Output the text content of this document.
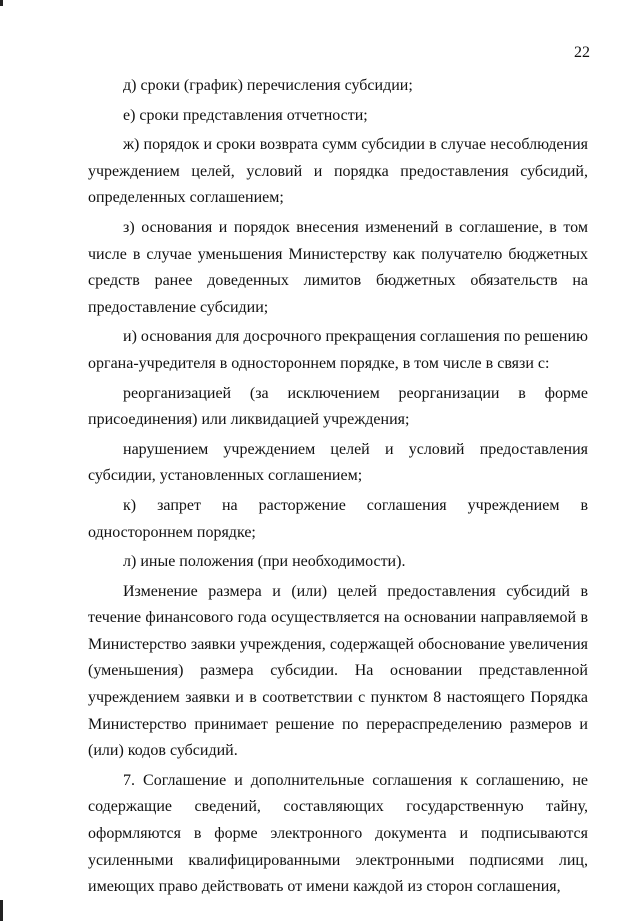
22

д) сроки (график) перечисления субсидии;

е) сроки представления отчетности;

ж) порядок и сроки возврата сумм субсидии в случае несоблюдения учреждением целей, условий и порядка предоставления субсидий, определенных соглашением;

з) основания и порядок внесения изменений в соглашение, в том числе в случае уменьшения Министерству как получателю бюджетных средств ранее доведенных лимитов бюджетных обязательств на предоставление субсидии;

и) основания для досрочного прекращения соглашения по решению органа-учредителя в одностороннем порядке, в том числе в связи с:

реорганизацией (за исключением реорганизации в форме присоединения) или ликвидацией учреждения;

нарушением учреждением целей и условий предоставления субсидии, установленных соглашением;

к) запрет на расторжение соглашения учреждением в одностороннем порядке;

л) иные положения (при необходимости).

Изменение размера и (или) целей предоставления субсидий в течение финансового года осуществляется на основании направляемой в Министерство заявки учреждения, содержащей обоснование увеличения (уменьшения) размера субсидии. На основании представленной учреждением заявки и в соответствии с пунктом 8 настоящего Порядка Министерство принимает решение по перераспределению размеров и (или) кодов субсидий.

7. Соглашение и дополнительные соглашения к соглашению, не содержащие сведений, составляющих государственную тайну, оформляются в форме электронного документа и подписываются усиленными квалифицированными электронными подписями лиц, имеющих право действовать от имени каждой из сторон соглашения,
